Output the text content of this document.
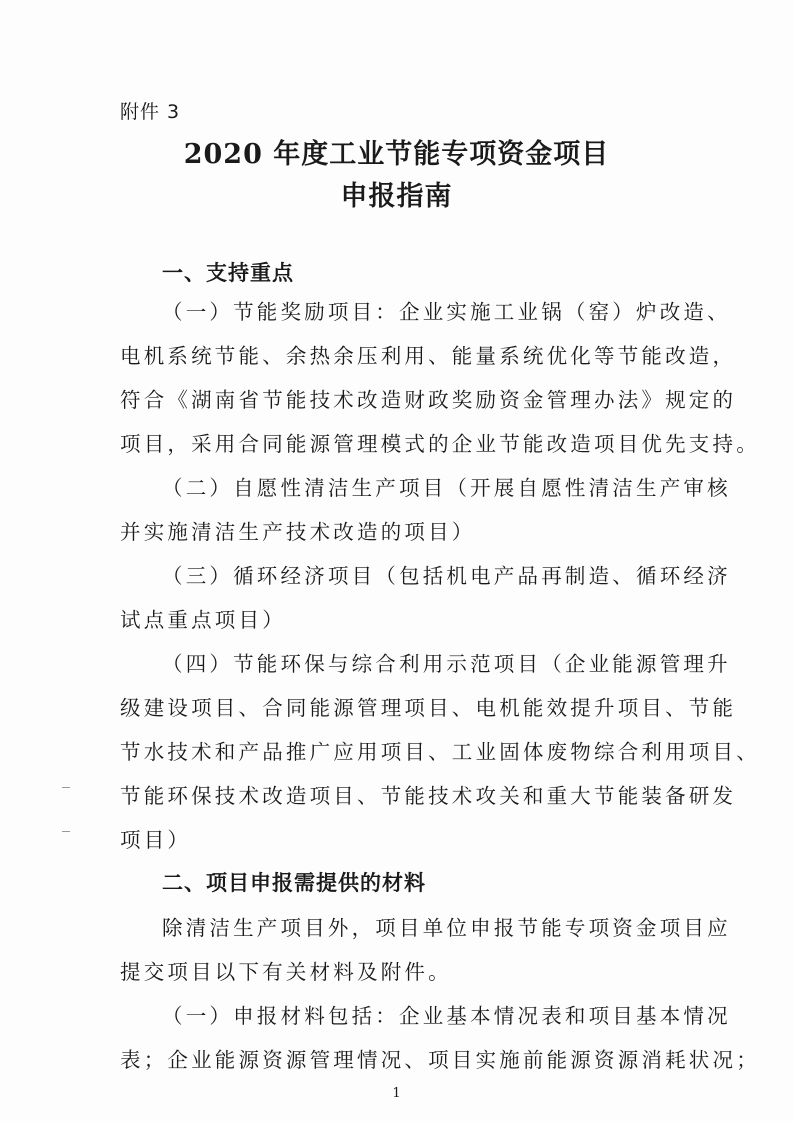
附件 3
2020 年度工业节能专项资金项目
申报指南
一、支持重点
（一）节能奖励项目：企业实施工业锅（窑）炉改造、
电机系统节能、余热余压利用、能量系统优化等节能改造，
符合《湖南省节能技术改造财政奖励资金管理办法》规定的
项目，采用合同能源管理模式的企业节能改造项目优先支持。
（二）自愿性清洁生产项目（开展自愿性清洁生产审核
并实施清洁生产技术改造的项目）
（三）循环经济项目（包括机电产品再制造、循环经济
试点重点项目）
（四）节能环保与综合利用示范项目（企业能源管理升
级建设项目、合同能源管理项目、电机能效提升项目、节能
节水技术和产品推广应用项目、工业固体废物综合利用项目、
节能环保技术改造项目、节能技术攻关和重大节能装备研发
项目）
二、项目申报需提供的材料
除清洁生产项目外，项目单位申报节能专项资金项目应
提交项目以下有关材料及附件。
（一）申报材料包括：企业基本情况表和项目基本情况
表；企业能源资源管理情况、项目实施前能源资源消耗状况；
1
